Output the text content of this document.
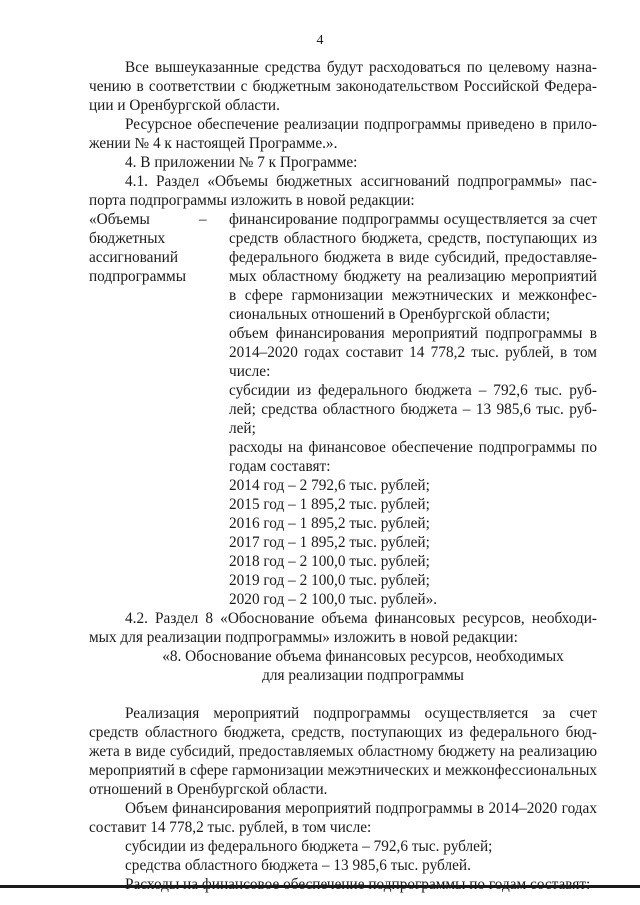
4

Все вышеуказанные средства будут расходоваться по целевому назна-

чению в соответствии с бюджетным законодательством Российской Федера-

ции и Оренбургской области.

Ресурсное обеспечение реализации подпрограммы приведено в прило-

жении № 4 к настоящей Программе.».

4. В приложении № 7 к Программе:

4.1. Раздел «Объемы бюджетных ассигнований подпрограммы» пас-

порта подпрограммы изложить в новой редакции:

«Объемы
бюджетных
ассигнований
подпрограммы
–	финансирование подпрограммы осуществляется за счет

средств областного бюджета, средств, поступающих из

федерального бюджета в виде субсидий, предоставляе-

мых областному бюджету на реализацию мероприятий

в сфере гармонизации межэтнических и межконфес-

сиональных отношений в Оренбургской области;

объем финансирования мероприятий подпрограммы в

2014–2020 годах составит 14 778,2 тыс. рублей, в том

числе:

субсидии из федерального бюджета – 792,6 тыс. руб-

лей; средства областного бюджета – 13 985,6 тыс. руб-

лей;

расходы на финансовое обеспечение подпрограммы по

годам составят:

2014 год – 2 792,6 тыс. рублей;

2015 год – 1 895,2 тыс. рублей;

2016 год – 1 895,2 тыс. рублей;

2017 год – 1 895,2 тыс. рублей;

2018 год – 2 100,0 тыс. рублей;

2019 год – 2 100,0 тыс. рублей;

2020 год – 2 100,0 тыс. рублей».

4.2. Раздел 8 «Обоснование объема финансовых ресурсов, необходи-

мых для реализации подпрограммы» изложить в новой редакции:

«8. Обоснование объема финансовых ресурсов, необходимых

для реализации подпрограммы

Реализация мероприятий подпрограммы осуществляется за счет

средств областного бюджета, средств, поступающих из федерального бюд-

жета в виде субсидий, предоставляемых областному бюджету на реализацию

мероприятий в сфере гармонизации межэтнических и межконфессиональных

отношений в Оренбургской области.

Объем финансирования мероприятий подпрограммы в 2014–2020 годах

составит 14 778,2 тыс. рублей, в том числе:

субсидии из федерального бюджета – 792,6 тыс. рублей;

средства областного бюджета – 13 985,6 тыс. рублей.
